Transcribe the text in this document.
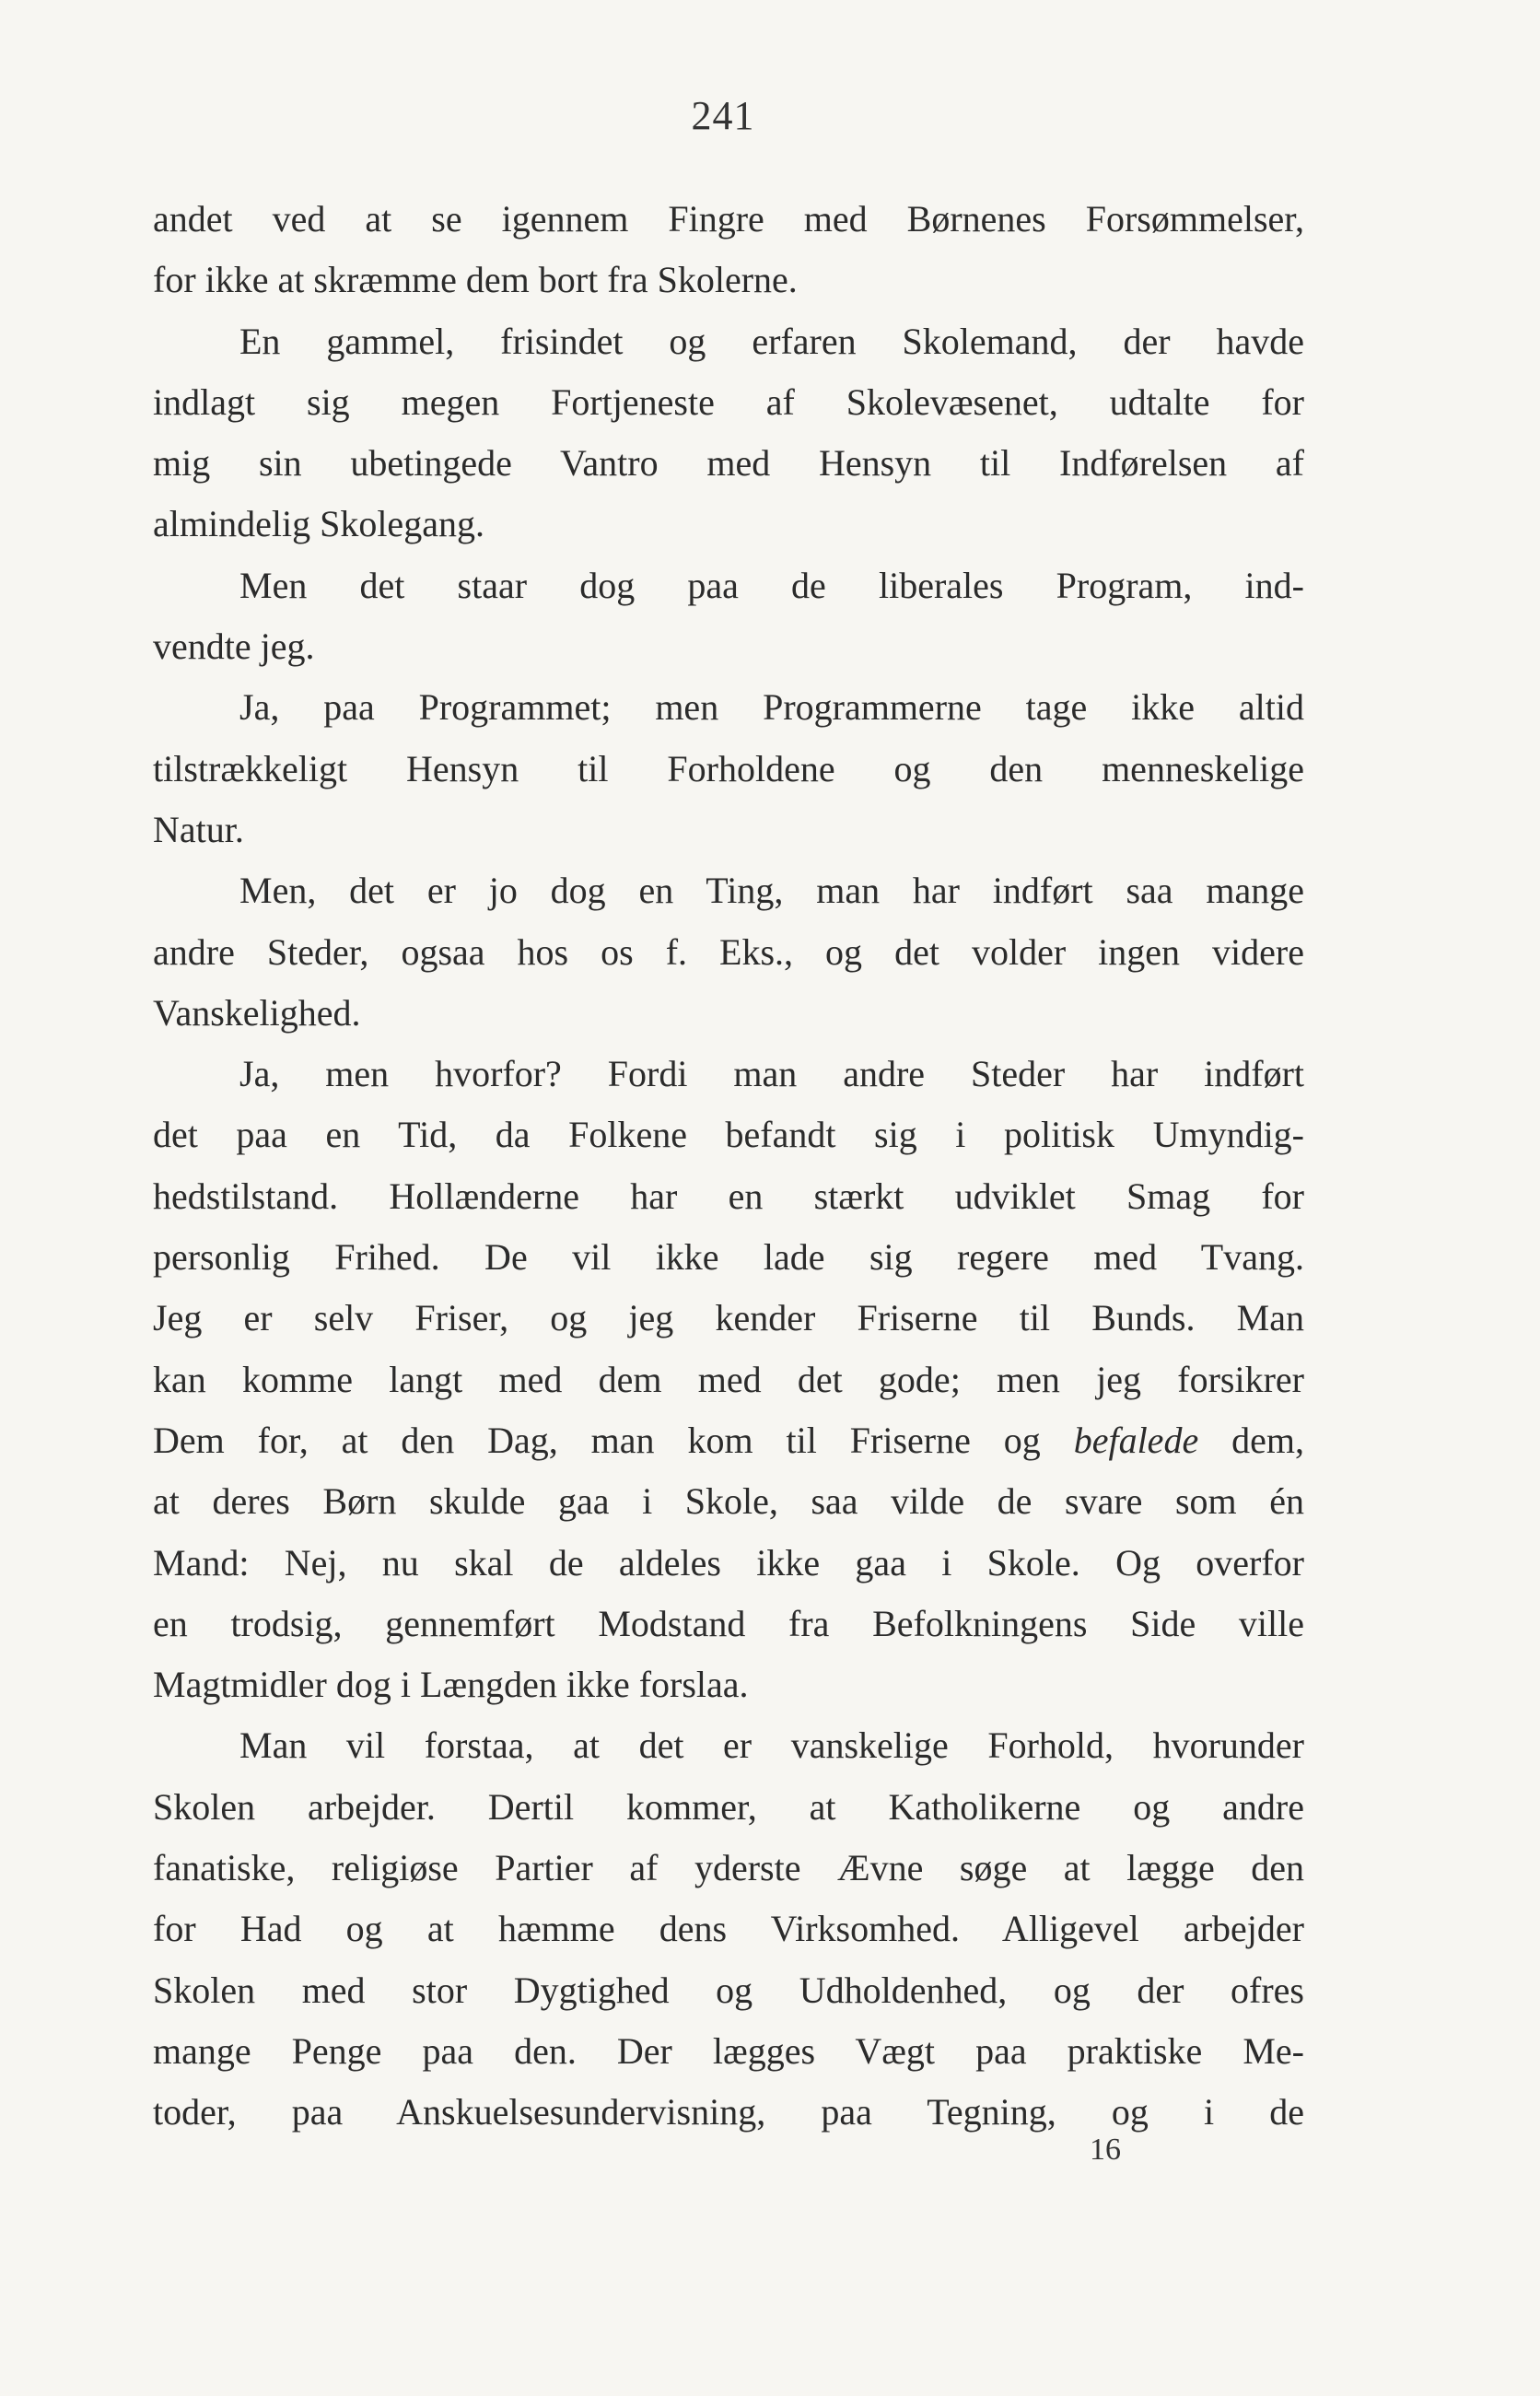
241
andet ved at se igennem Fingre med Børnenes Forsømmelser,
for ikke at skræmme dem bort fra Skolerne.
En gammel, frisindet og erfaren Skolemand, der havde
indlagt sig megen Fortjeneste af Skolevæsenet, udtalte for
mig sin ubetingede Vantro med Hensyn til Indførelsen af
almindelig Skolegang.
Men det staar dog paa de liberales Program, ind-
vendte jeg.
Ja, paa Programmet; men Programmerne tage ikke altid
tilstrækkeligt Hensyn til Forholdene og den menneskelige
Natur.
Men, det er jo dog en Ting, man har indført saa mange
andre Steder, ogsaa hos os f. Eks., og det volder ingen videre
Vanskelighed.
Ja, men hvorfor? Fordi man andre Steder har indført
det paa en Tid, da Folkene befandt sig i politisk Umyndig-
hedstilstand. Hollænderne har en stærkt udviklet Smag for
personlig Frihed. De vil ikke lade sig regere med Tvang.
Jeg er selv Friser, og jeg kender Friserne til Bunds. Man
kan komme langt med dem med det gode; men jeg forsikrer
Dem for, at den Dag, man kom til Friserne og befalede dem,
at deres Børn skulde gaa i Skole, saa vilde de svare som én
Mand: Nej, nu skal de aldeles ikke gaa i Skole. Og overfor
en trodsig, gennemført Modstand fra Befolkningens Side ville
Magtmidler dog i Længden ikke forslaa.
Man vil forstaa, at det er vanskelige Forhold, hvorunder
Skolen arbejder. Dertil kommer, at Katholikerne og andre
fanatiske, religiøse Partier af yderste Ævne søge at lægge den
for Had og at hæmme dens Virksomhed. Alligevel arbejder
Skolen med stor Dygtighed og Udholdenhed, og der ofres
mange Penge paa den. Der lægges Vægt paa praktiske Me-
toder, paa Anskuelsesundervisning, paa Tegning, og i de
16
